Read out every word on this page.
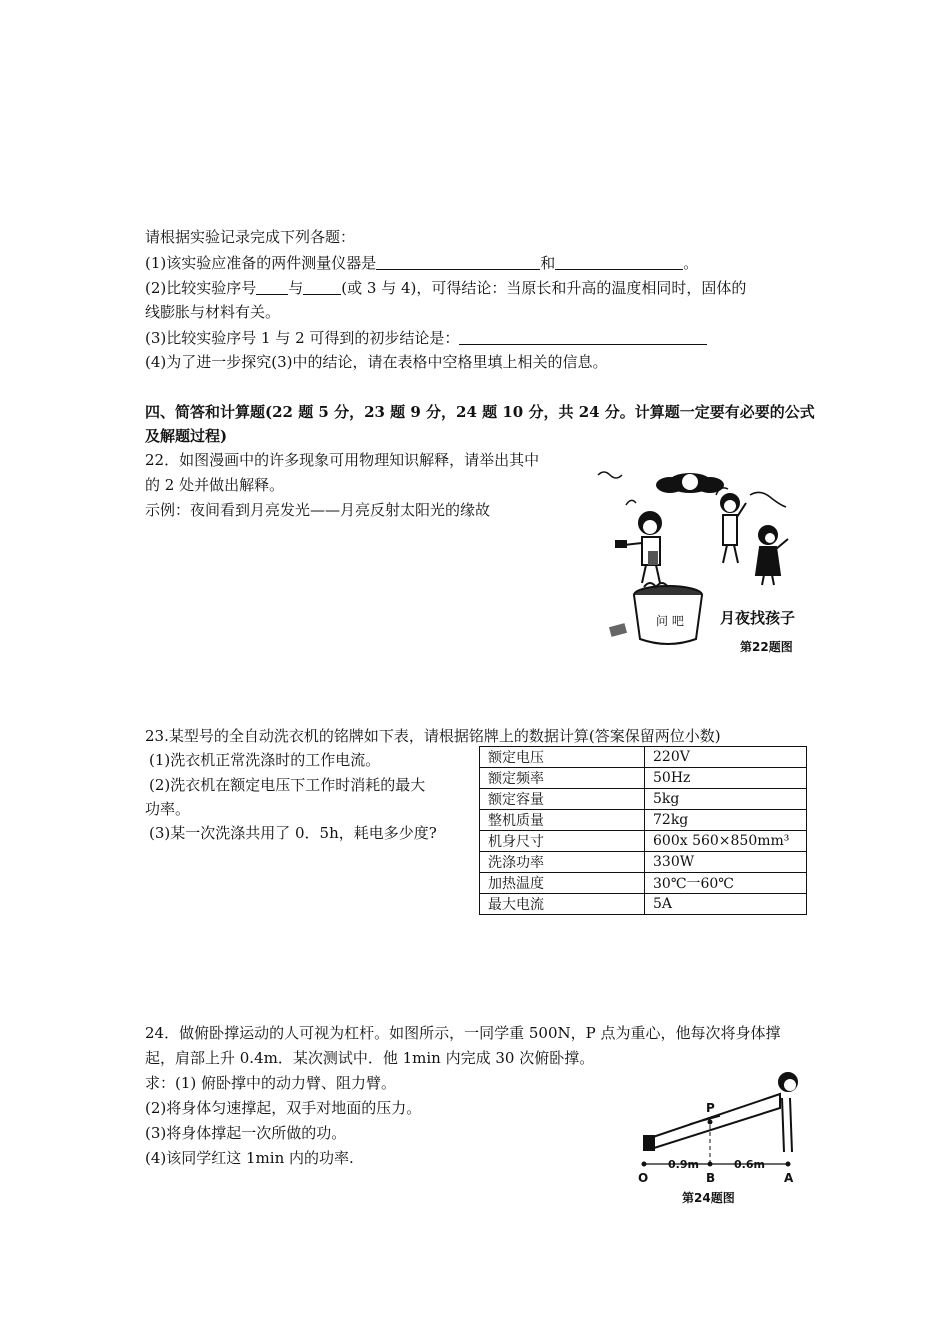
请根据实验记录完成下列各题：
(1)该实验应准备的两件测量仪器是	和	。
(2)比较实验序号 与	(或 3 与 4)，可得结论：当原长和升高的温度相同时，固体的
线膨胀与材料有关。
(3)比较实验序号 1 与 2 可得到的初步结论是：
(4)为了进一步探究(3)中的结论，请在表格中空格里填上相关的信息。
四、简答和计算题(22 题 5 分，23 题 9 分，24 题 10 分，共 24 分。计算题一定要有必要的公式
及解题过程)
22．如图漫画中的许多现象可用物理知识解释，请举出其中
的 2 处并做出解释。
示例：夜间看到月亮发光——月亮反射太阳光的缘故
问 吧 月夜找孩子
第22题图
23.某型号的全自动洗衣机的铭牌如下表，请根据铭牌上的数据计算(答案保留两位小数)
(1)洗衣机正常洗涤时的工作电流。
(2)洗衣机在额定电压下工作时消耗的最大
功率。
(3)某一次洗涤共用了 0．5h，耗电多少度?
额定电压	220V
额定频率	50Hz
额定容量	5kg
整机质量	72kg
机身尺寸	600x 560×850mm³
洗涤功率	330W
加热温度	30℃一60℃
最大电流	5A
24．做俯卧撑运动的人可视为杠杆。如图所示，一同学重 500N，P 点为重心，他每次将身体撑
起，肩部上升 0.4m．某次测试中．他 1min 内完成 30 次俯卧撑。
求：(1) 俯卧撑中的动力臂、阻力臂。
(2)将身体匀速撑起，双手对地面的压力。
(3)将身体撑起一次所做的功。
(4)该同学红这 1min 内的功率.
P
0.9m	0.6m
O	B	A
第24题图
